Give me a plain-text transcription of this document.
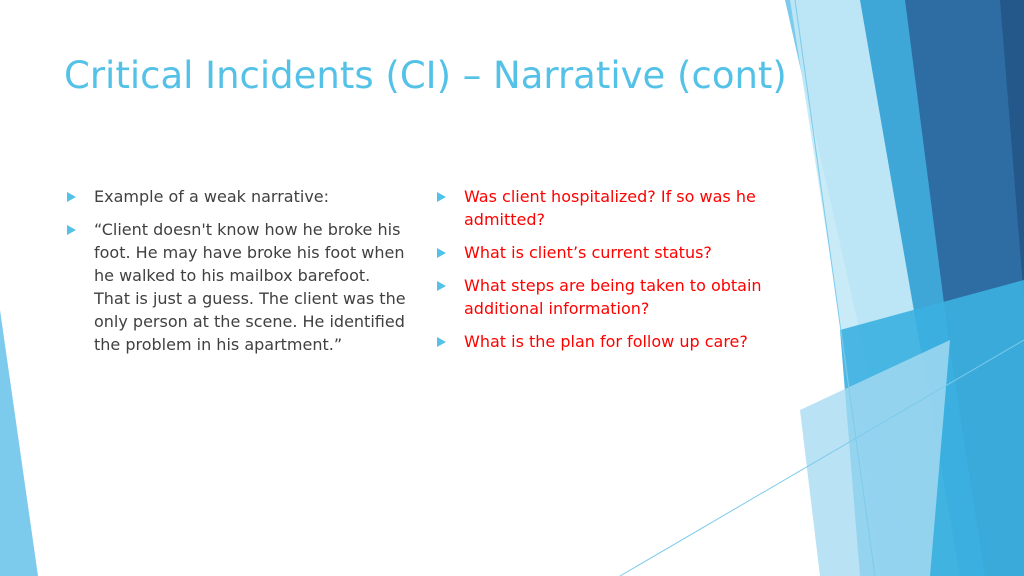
Critical Incidents (CI) – Narrative (cont)
Example of a weak narrative:
“Client doesn't know how he broke his foot. He may have broke his foot when he walked to his mailbox barefoot. That is just a guess. The client was the only person at the scene. He identified the problem in his apartment.”
Was client hospitalized? If so was he admitted?
What is client’s current status?
What steps are being taken to obtain additional information?
What is the plan for follow up care?
